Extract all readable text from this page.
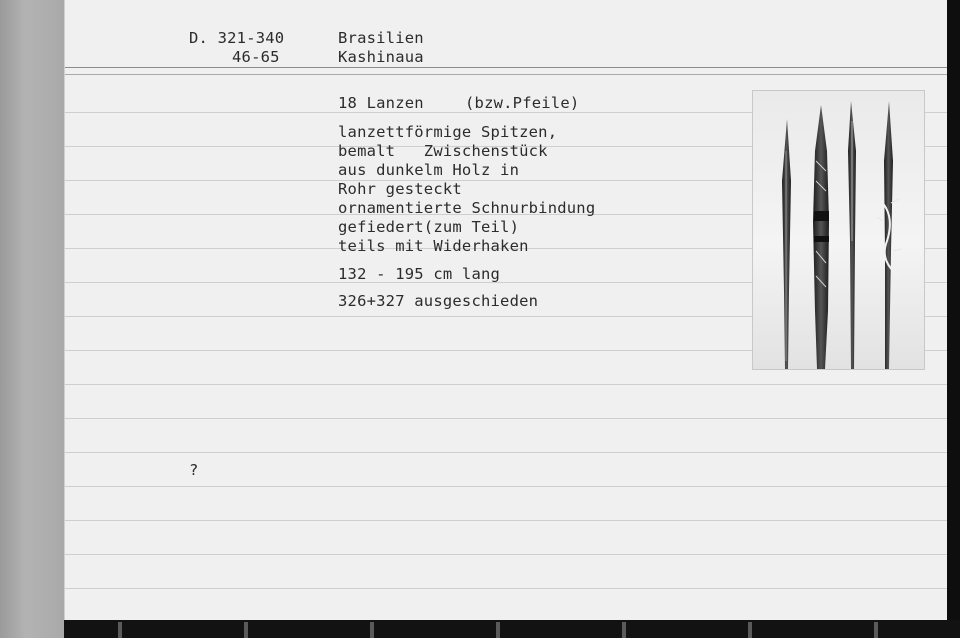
D. 321-340
46-65
Brasilien
Kashinaua
18 Lanzen	(bzw.Pfeile)
lanzettförmige Spitzen,
bemalt   Zwischenstück
aus dunkelm Holz in
Rohr gesteckt
ornamentierte Schnurbindung
gefiedert(zum Teil)
teils mit Widerhaken
132 - 195 cm lang
326+327 ausgeschieden
?
